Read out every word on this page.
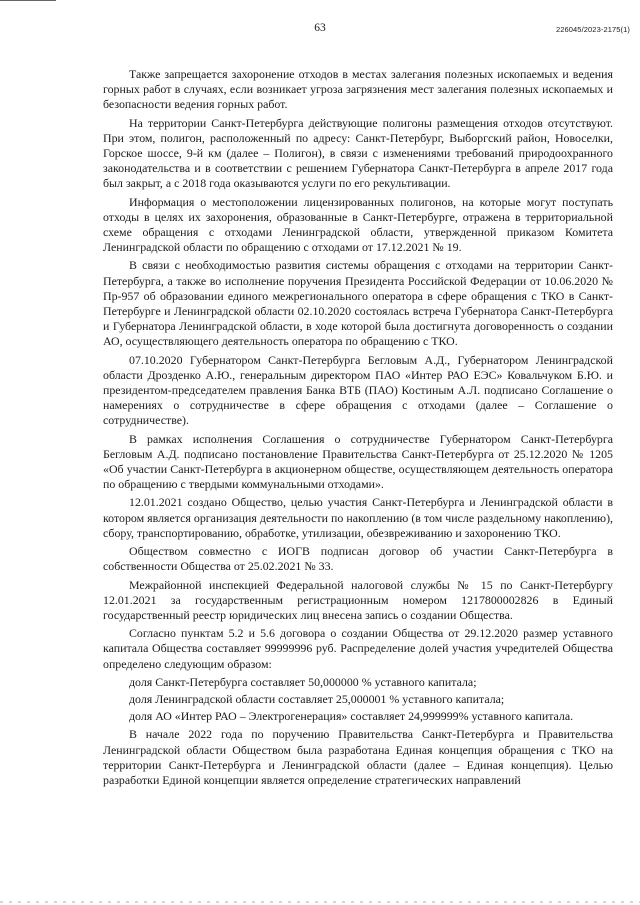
63	226045/2023-2175(1)

Также запрещается захоронение отходов в местах залегания полезных ископаемых и ведения горных работ в случаях, если возникает угроза загрязнения мест залегания полезных ископаемых и безопасности ведения горных работ.

На территории Санкт-Петербурга действующие полигоны размещения отходов отсутствуют. При этом, полигон, расположенный по адресу: Санкт-Петербург, Выборгский район, Новоселки, Горское шоссе, 9-й км (далее – Полигон), в связи с изменениями требований природоохранного законодательства и в соответствии с решением Губернатора Санкт-Петербурга в апреле 2017 года был закрыт, а с 2018 года оказываются услуги по его рекультивации.

Информация о местоположении лицензированных полигонов, на которые могут поступать отходы в целях их захоронения, образованные в Санкт-Петербурге, отражена в территориальной схеме обращения с отходами Ленинградской области, утвержденной приказом Комитета Ленинградской области по обращению с отходами от 17.12.2021 № 19.

В связи с необходимостью развития системы обращения с отходами на территории Санкт-Петербурга, а также во исполнение поручения Президента Российской Федерации от 10.06.2020 № Пр-957 об образовании единого межрегионального оператора в сфере обращения с ТКО в Санкт-Петербурге и Ленинградской области 02.10.2020 состоялась встреча Губернатора Санкт-Петербурга и Губернатора Ленинградской области, в ходе которой была достигнута договоренность о создании АО, осуществляющего деятельность оператора по обращению с ТКО.

07.10.2020 Губернатором Санкт-Петербурга Бегловым А.Д., Губернатором Ленинградской области Дрозденко А.Ю., генеральным директором ПАО «Интер РАО ЕЭС» Ковальчуком Б.Ю. и президентом-председателем правления Банка ВТБ (ПАО) Костиным А.Л. подписано Соглашение о намерениях о сотрудничестве в сфере обращения с отходами (далее – Соглашение о сотрудничестве).

В рамках исполнения Соглашения о сотрудничестве Губернатором Санкт-Петербурга Бегловым А.Д. подписано постановление Правительства Санкт-Петербурга от 25.12.2020 № 1205 «Об участии Санкт-Петербурга в акционерном обществе, осуществляющем деятельность оператора по обращению с твердыми коммунальными отходами».

12.01.2021 создано Общество, целью участия Санкт-Петербурга и Ленинградской области в котором является организация деятельности по накоплению (в том числе раздельному накоплению), сбору, транспортированию, обработке, утилизации, обезвреживанию и захоронению ТКО.

Обществом совместно с ИОГВ подписан договор об участии Санкт-Петербурга в собственности Общества от 25.02.2021 № 33.

Межрайонной инспекцией Федеральной налоговой службы № 15 по Санкт-Петербургу 12.01.2021 за государственным регистрационным номером 1217800002826 в Единый государственный реестр юридических лиц внесена запись о создании Общества.

Согласно пунктам 5.2 и 5.6 договора о создании Общества от 29.12.2020 размер уставного капитала Общества составляет 99999996 руб. Распределение долей участия учредителей Общества определено следующим образом:

доля Санкт-Петербурга составляет 50,000000 % уставного капитала;

доля Ленинградской области составляет 25,000001 % уставного капитала;

доля АО «Интер РАО – Электрогенерация» составляет 24,999999% уставного капитала.

В начале 2022 года по поручению Правительства Санкт-Петербурга и Правительства Ленинградской области Обществом была разработана Единая концепция обращения с ТКО на территории Санкт-Петербурга и Ленинградской области (далее – Единая концепция). Целью разработки Единой концепции является определение стратегических направлений
